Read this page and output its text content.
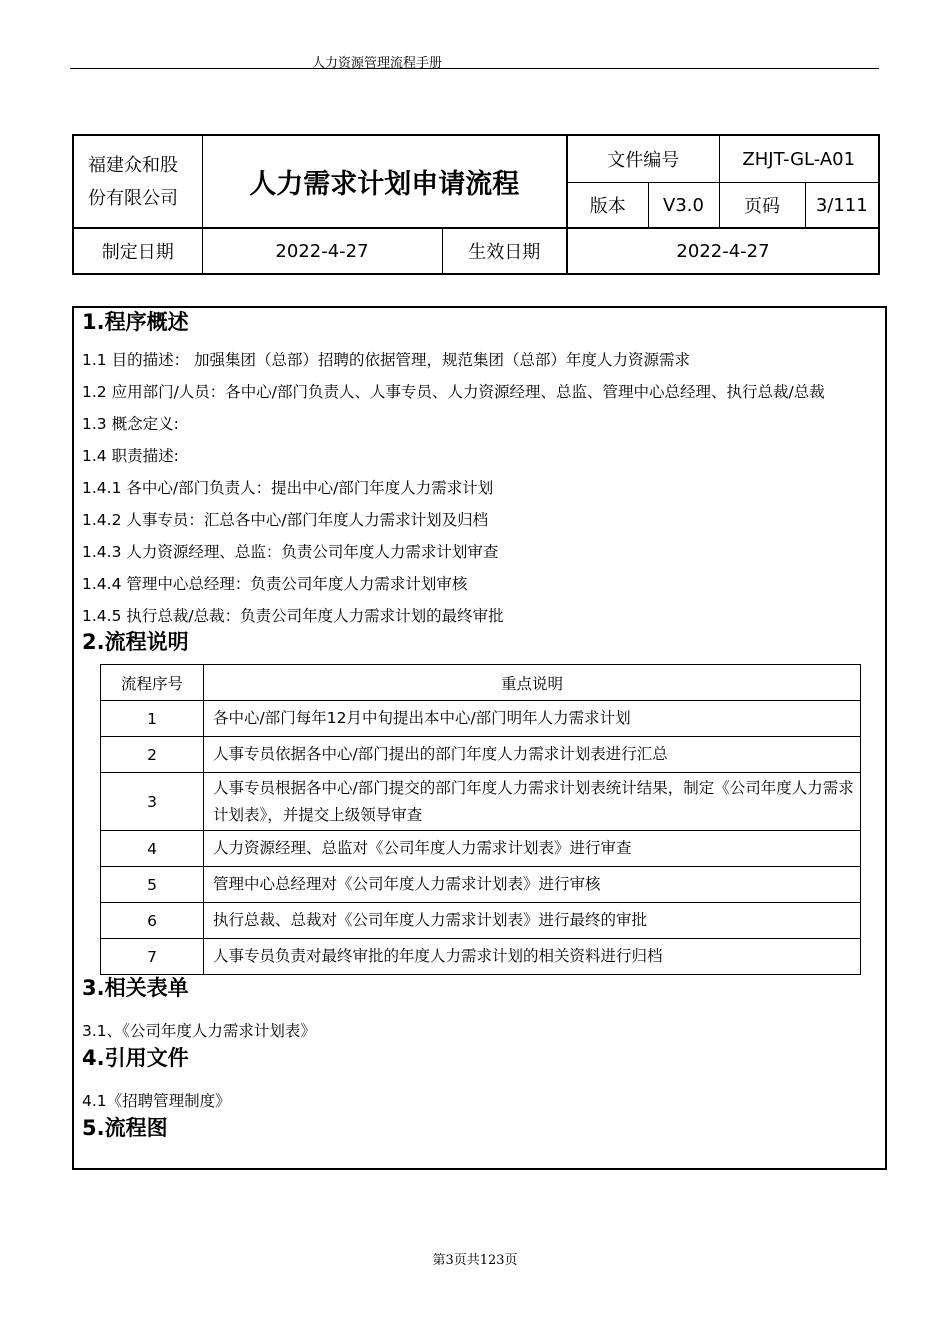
人力资源管理流程手册
福建众和股
份有限公司	人力需求计划申请流程		文件编号		ZHJT-GL-A01	
			版本	V3.0	页码	3/111
制定日期	2022-4-27	生效日期	2022-4-27			
1.程序概述
1.1 目的描述： 加强集团（总部）招聘的依据管理，规范集团（总部）年度人力资源需求
1.2 应用部门/人员：各中心/部门负责人、人事专员、人力资源经理、总监、管理中心总经理、执行总裁/总裁
1.3 概念定义:
1.4 职责描述:
1.4.1 各中心/部门负责人：提出中心/部门年度人力需求计划
1.4.2 人事专员：汇总各中心/部门年度人力需求计划及归档
1.4.3 人力资源经理、总监：负责公司年度人力需求计划审查
1.4.4 管理中心总经理：负责公司年度人力需求计划审核
1.4.5 执行总裁/总裁：负责公司年度人力需求计划的最终审批
2.流程说明
流程序号	重点说明
1	各中心/部门每年12月中旬提出本中心/部门明年人力需求计划
2	人事专员依据各中心/部门提出的部门年度人力需求计划表进行汇总
3	人事专员根据各中心/部门提交的部门年度人力需求计划表统计结果，制定《公司年度人力需求计划表》，并提交上级领导审查
4	人力资源经理、总监对《公司年度人力需求计划表》进行审查
5	管理中心总经理对《公司年度人力需求计划表》进行审核
6	执行总裁、总裁对《公司年度人力需求计划表》进行最终的审批
7	人事专员负责对最终审批的年度人力需求计划的相关资料进行归档
3.相关表单
3.1、《公司年度人力需求计划表》
4.引用文件
4.1《招聘管理制度》
5.流程图
第3页共123页
